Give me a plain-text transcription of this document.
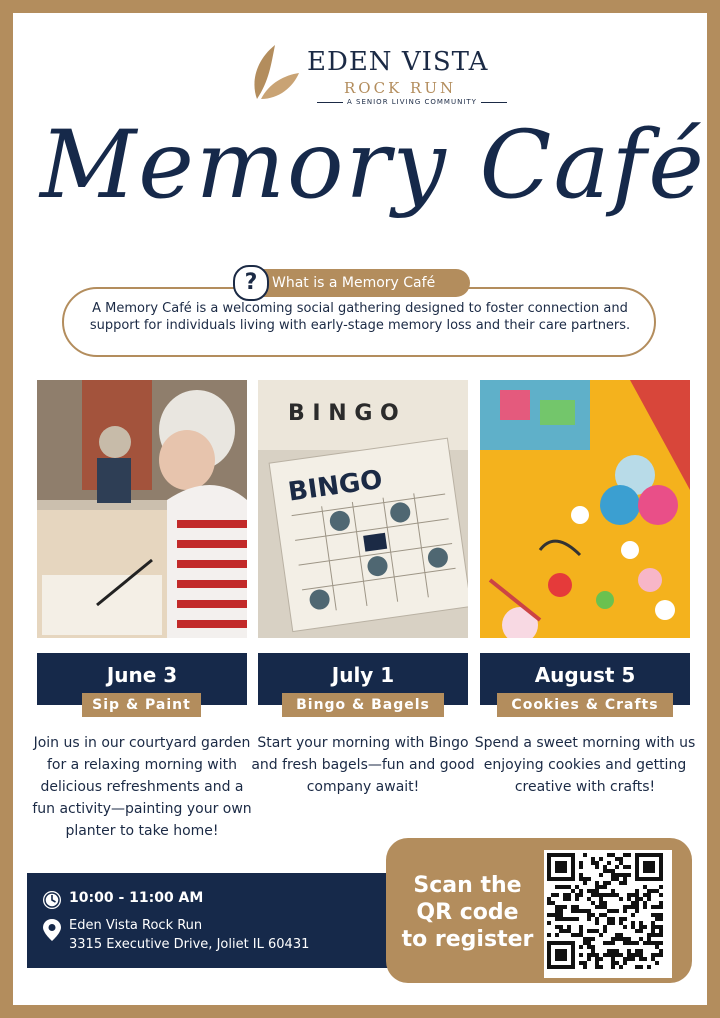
EDEN VISTA
ROCK RUN
A SENIOR LIVING COMMUNITY
Memory Café
?	What is a Memory Café
A Memory Café is a welcoming social gathering designed to foster connection and support for individuals living with early-stage memory loss and their care partners.
B I N G O
BINGO
June 3	July 1	August 5
Sip & Paint	Bingo & Bagels	Cookies & Crafts
Join us in our courtyard garden for a relaxing morning with delicious refreshments and a fun activity—painting your own planter to take home!
Start your morning with Bingo and fresh bagels—fun and good company await!
Spend a sweet morning with us enjoying cookies and getting creative with crafts!
10:00 - 11:00 AM
Eden Vista Rock Run
3315 Executive Drive, Joliet IL 60431
Scan the QR code to register
